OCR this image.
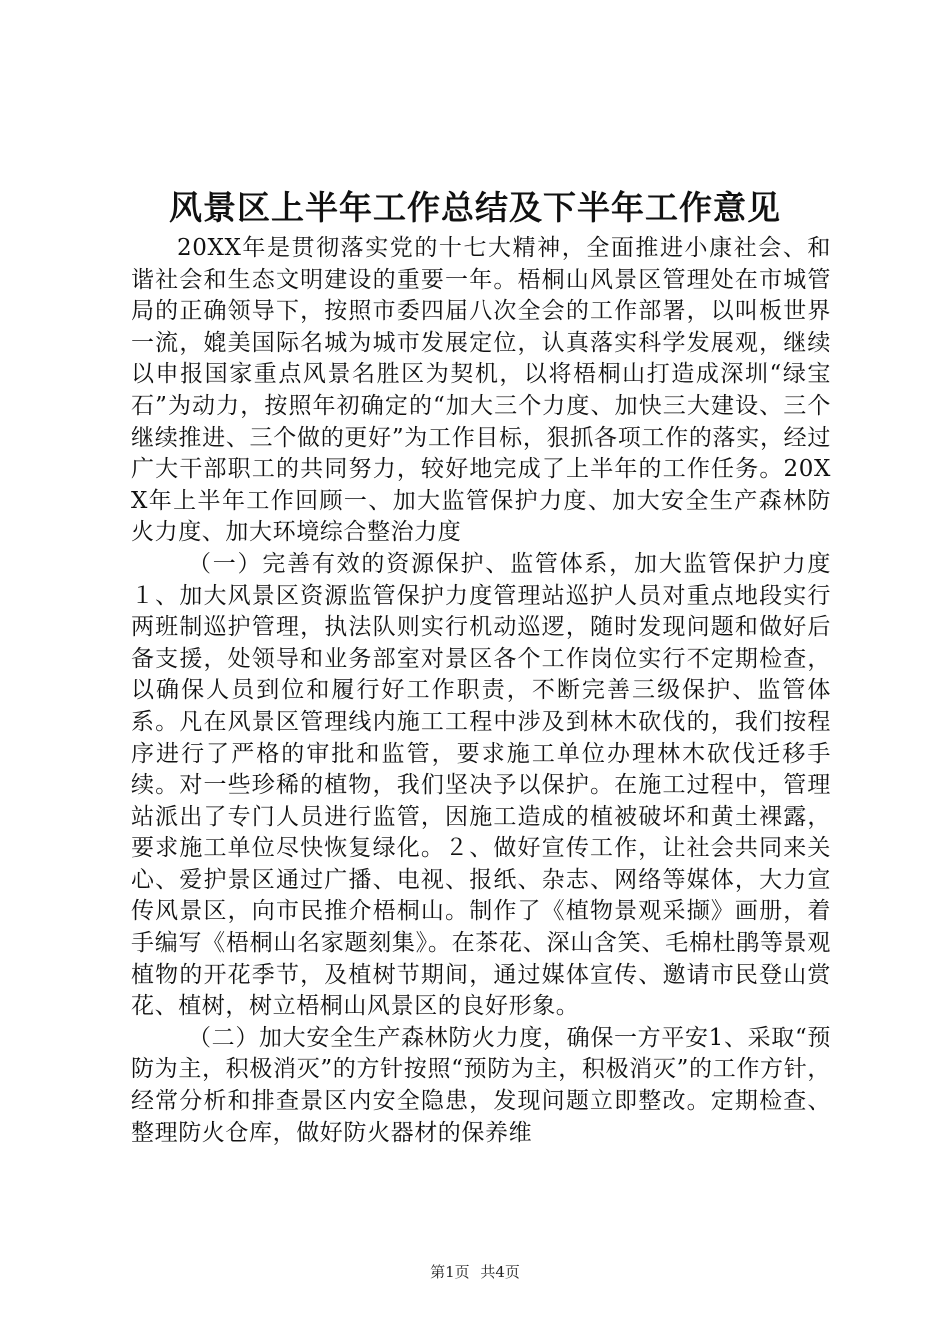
风景区上半年工作总结及下半年工作意见

20XX年是贯彻落实党的十七大精神，全面推进小康社会、和谐社会和生态文明建设的重要一年。梧桐山风景区管理处在市城管局的正确领导下，按照市委四届八次全会的工作部署，以叫板世界一流，媲美国际名城为城市发展定位，认真落实科学发展观，继续以申报国家重点风景名胜区为契机，以将梧桐山打造成深圳“绿宝石”为动力，按照年初确定的“加大三个力度、加快三大建设、三个继续推进、三个做的更好”为工作目标，狠抓各项工作的落实，经过广大干部职工的共同努力，较好地完成了上半年的工作任务。20XX年上半年工作回顾一、加大监管保护力度、加大安全生产森林防火力度、加大环境综合整治力度

（一）完善有效的资源保护、监管体系，加大监管保护力度１、加大风景区资源监管保护力度管理站巡护人员对重点地段实行两班制巡护管理，执法队则实行机动巡逻，随时发现问题和做好后备支援，处领导和业务部室对景区各个工作岗位实行不定期检查，以确保人员到位和履行好工作职责，不断完善三级保护、监管体系。凡在风景区管理线内施工工程中涉及到林木砍伐的，我们按程序进行了严格的审批和监管，要求施工单位办理林木砍伐迁移手续。对一些珍稀的植物，我们坚决予以保护。在施工过程中，管理站派出了专门人员进行监管，因施工造成的植被破坏和黄土裸露，要求施工单位尽快恢复绿化。２、做好宣传工作，让社会共同来关心、爱护景区通过广播、电视、报纸、杂志、网络等媒体，大力宣传风景区，向市民推介梧桐山。制作了《植物景观采撷》画册，着手编写《梧桐山名家题刻集》。在茶花、深山含笑、毛棉杜鹃等景观植物的开花季节，及植树节期间，通过媒体宣传、邀请市民登山赏花、植树，树立梧桐山风景区的良好形象。

（二）加大安全生产森林防火力度，确保一方平安1、采取“预防为主，积极消灭”的方针按照“预防为主，积极消灭”的工作方针，经常分析和排查景区内安全隐患，发现问题立即整改。定期检查、整理防火仓库，做好防火器材的保养维

第1页 共4页
